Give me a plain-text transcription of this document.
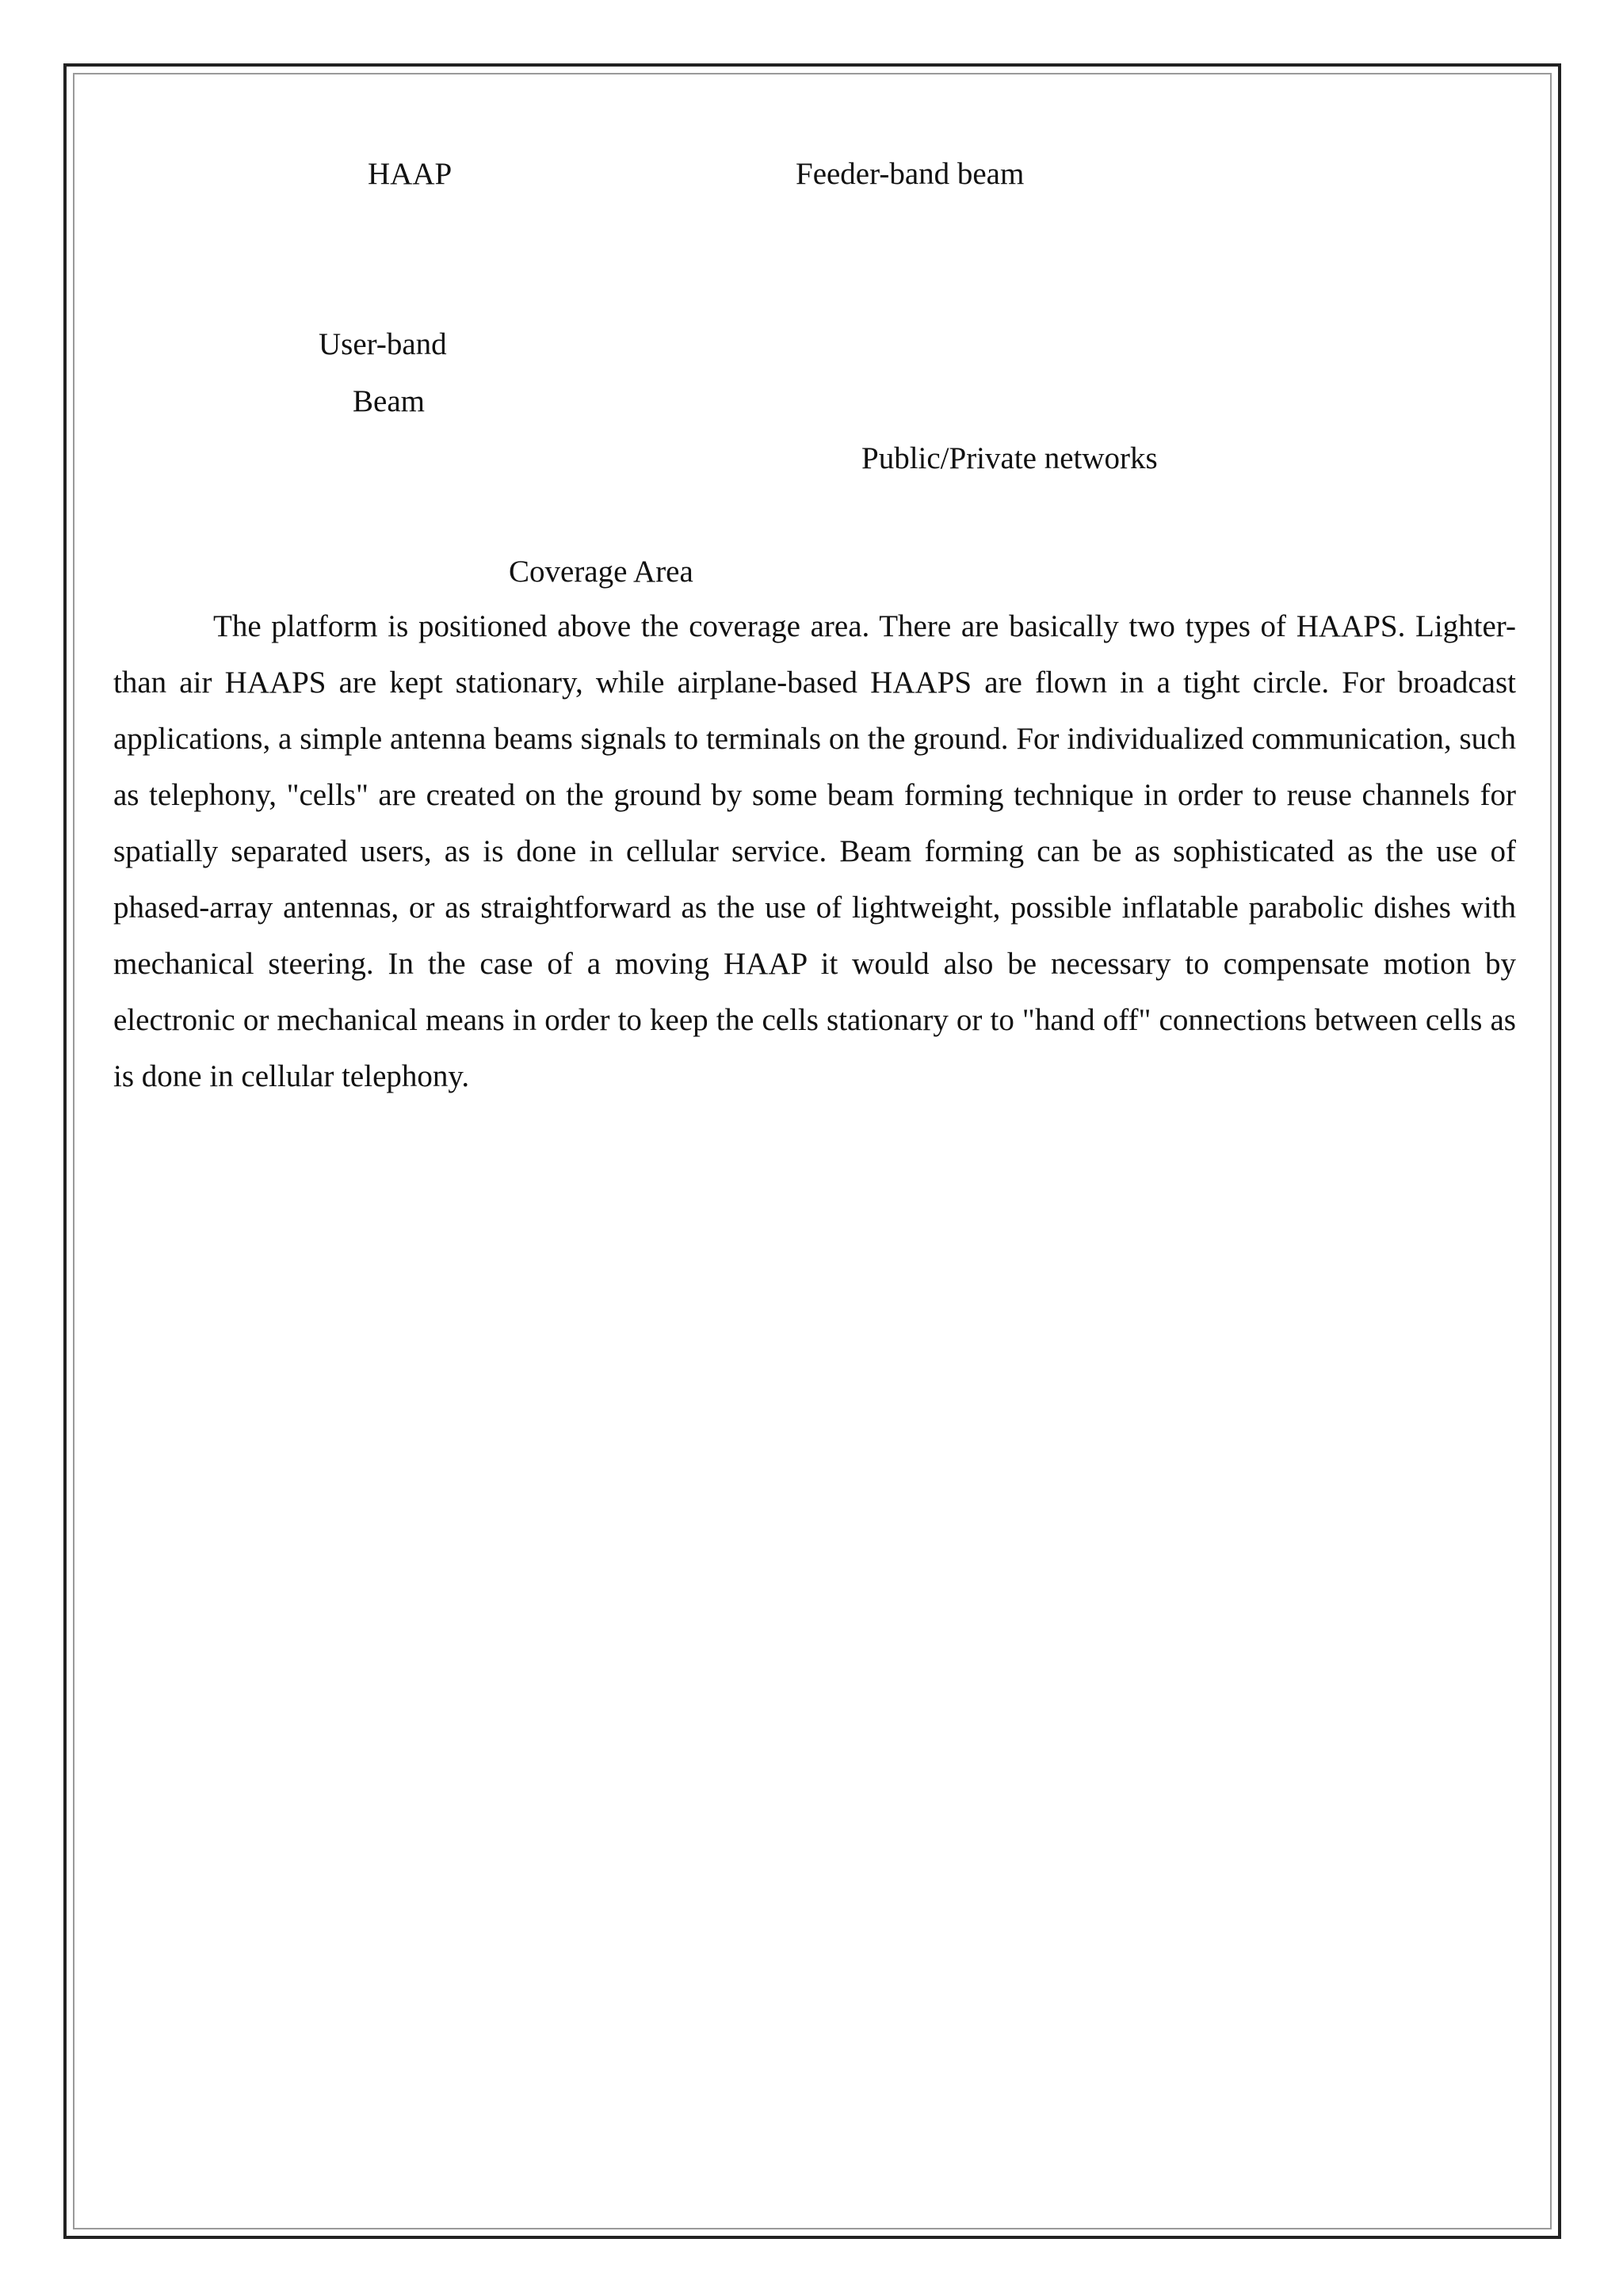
HAAP	Feeder-band beam
User-band
Beam
Public/Private networks
Coverage Area

The platform is positioned above the coverage area. There are basically two types of HAAPS. Lighter-than air HAAPS are kept stationary, while airplane-based HAAPS are flown in a tight circle. For broadcast applications, a simple antenna beams signals to terminals on the ground. For individualized communication, such as telephony, "cells" are created on the ground by some beam forming technique in order to reuse channels for spatially separated users, as is done in cellular service. Beam forming can be as sophisticated as the use of phased-array antennas, or as straightforward as the use of lightweight, possible inflatable parabolic dishes with mechanical steering. In the case of a moving HAAP it would also be necessary to compensate motion by electronic or mechanical means in order to keep the cells stationary or to "hand off" connections between cells as is done in cellular telephony.
